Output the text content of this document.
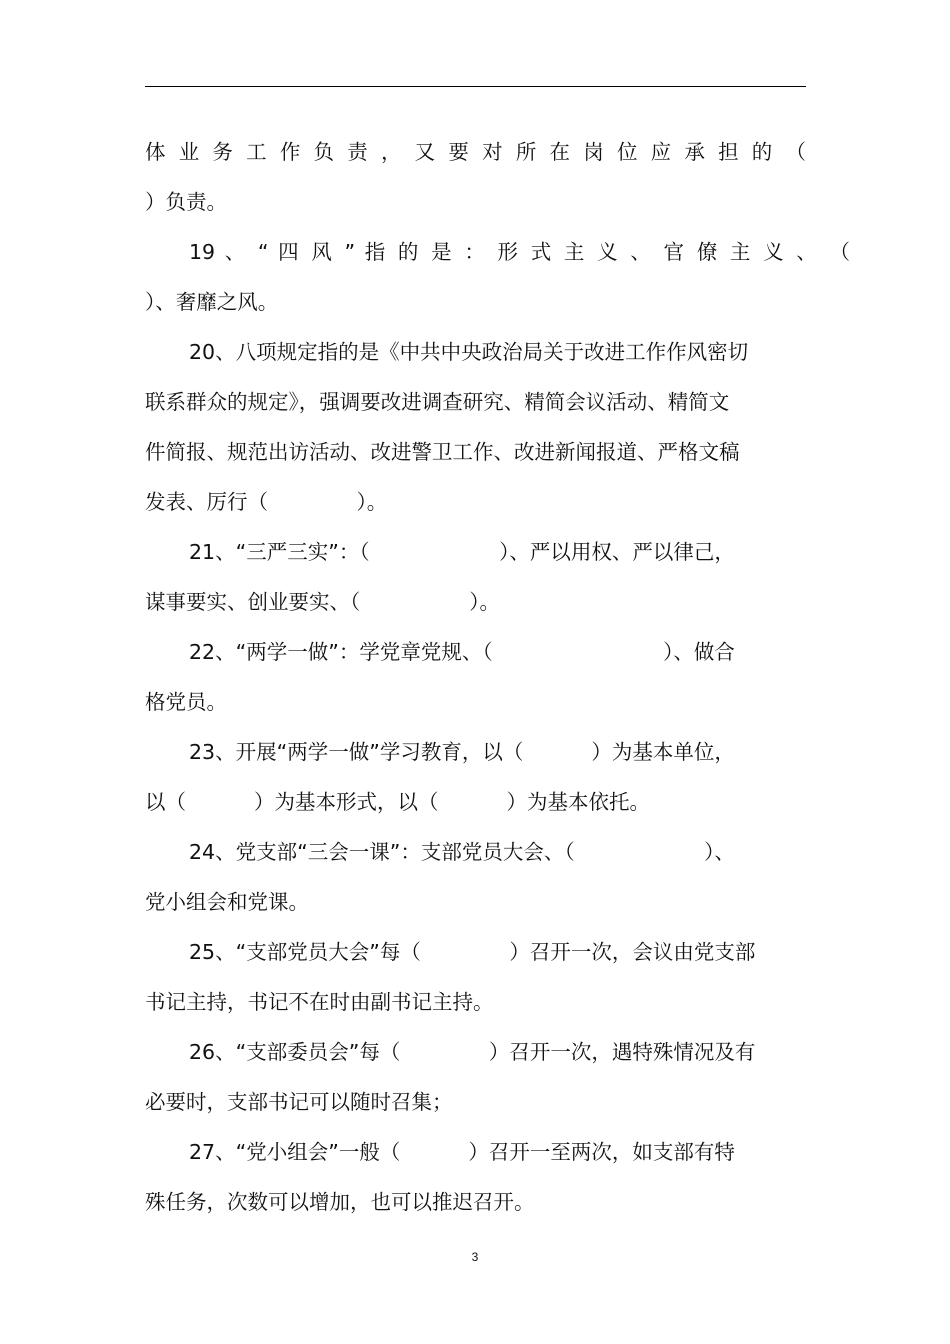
体 业 务 工 作 负 责 ， 又 要 对 所 在 岗 位 应 承 担 的 （
）负责。
19 、 “ 四 风 ” 指 的 是 ： 形 式 主 义 、 官 僚 主 义 、 （
）、奢靡之风。
20、八项规定指的是《中共中央政治局关于改进工作作风密切
联系群众的规定》，强调要改进调查研究、精简会议活动、精简文
件简报、规范出访活动、改进警卫工作、改进新闻报道、严格文稿
发表、厉行（　　　　 ）。
21、“三严三实”：（　　　　　　 ）、严以用权、严以律己，
谋事要实、创业要实、（　　　　　 ）。
22、“两学一做”：学党章党规、（　　　　　　　　 ）、做合
格党员。
23、开展“两学一做”学习教育，以（　　　 ）为基本单位，
以（　　　 ）为基本形式，以（　　　 ）为基本依托。
24、党支部“三会一课”：支部党员大会、（　　　　　　 ）、
党小组会和党课。
25、“支部党员大会”每（　　　　 ）召开一次，会议由党支部
书记主持，书记不在时由副书记主持。
26、“支部委员会”每（　　　　 ）召开一次，遇特殊情况及有
必要时，支部书记可以随时召集；
27、“党小组会”一般（　　　 ）召开一至两次，如支部有特
殊任务，次数可以增加，也可以推迟召开。
3
